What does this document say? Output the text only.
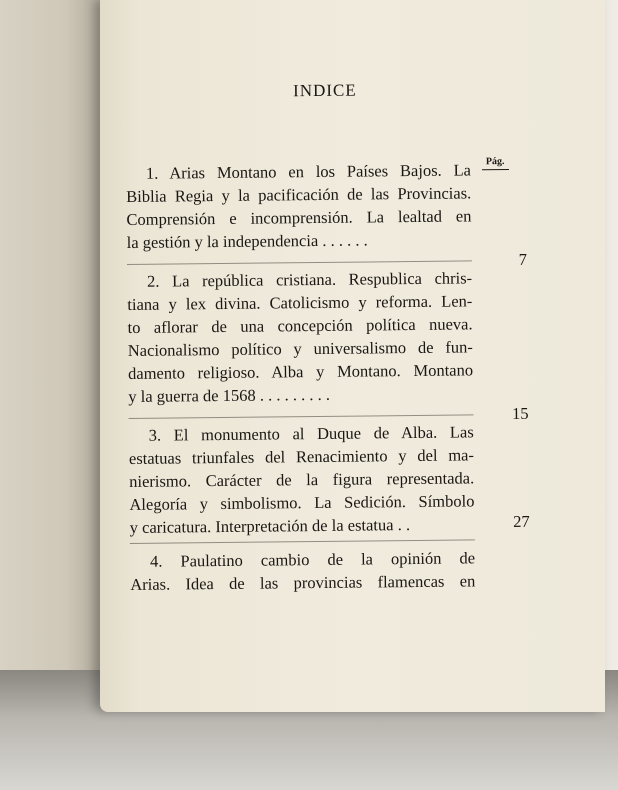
INDICE
Pág.

1. Arias Montano en los Países Bajos. La

Biblia Regia y la pacificación de las Provincias.

Comprensión e incomprensión. La lealtad en

la gestión y la independencia . . . . . .

7

2. La república cristiana. Respublica chris-

tiana y lex divina. Catolicismo y reforma. Len-

to aflorar de una concepción política nueva.

Nacionalismo político y universalismo de fun-

damento religioso. Alba y Montano. Montano

y la guerra de 1568 . . . . . . . . .

15

3. El monumento al Duque de Alba. Las

estatuas triunfales del Renacimiento y del ma-

nierismo. Carácter de la figura representada.

Alegoría y simbolismo. La Sedición. Símbolo

y caricatura. Interpretación de la estatua . .	27

4. Paulatino cambio de la opinión de

Arias. Idea de las provincias flamencas en
